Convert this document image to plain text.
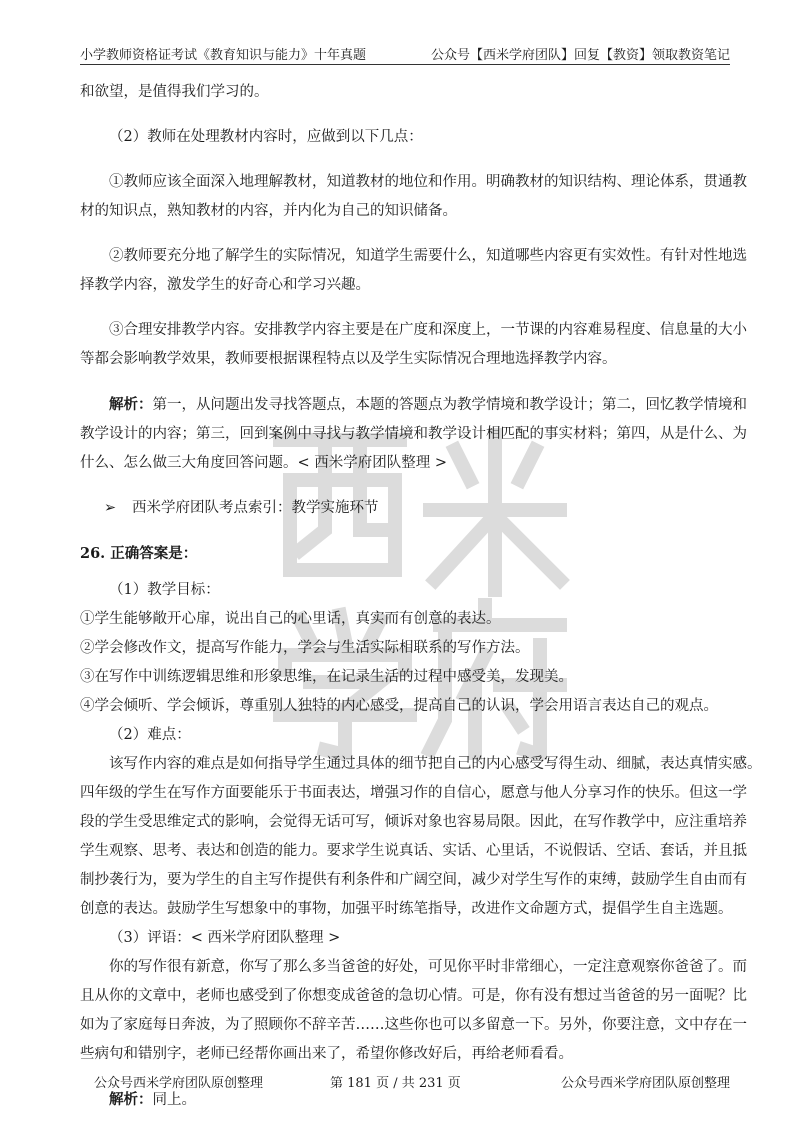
小学教师资格证考试《教育知识与能力》十年真题	公众号【西米学府团队】回复【教资】领取教资笔记

和欲望，是值得我们学习的。

（2）教师在处理教材内容时，应做到以下几点：

①教师应该全面深入地理解教材，知道教材的地位和作用。明确教材的知识结构、理论体系，贯通教

材的知识点，熟知教材的内容，并内化为自己的知识储备。

②教师要充分地了解学生的实际情况，知道学生需要什么，知道哪些内容更有实效性。有针对性地选

择教学内容，激发学生的好奇心和学习兴趣。

③合理安排教学内容。安排教学内容主要是在广度和深度上，一节课的内容难易程度、信息量的大小

等都会影响教学效果，教师要根据课程特点以及学生实际情况合理地选择教学内容。

解析：第一，从问题出发寻找答题点，本题的答题点为教学情境和教学设计；第二，回忆教学情境和

教学设计的内容；第三，回到案例中寻找与教学情境和教学设计相匹配的事实材料；第四，从是什么、为

什么、怎么做三大角度回答问题。< 西米学府团队整理 >

➢ 西米学府团队考点索引：教学实施环节

26. 正确答案是：

（1）教学目标：

①学生能够敞开心扉，说出自己的心里话，真实而有创意的表达。

②学会修改作文，提高写作能力，学会与生活实际相联系的写作方法。

③在写作中训练逻辑思维和形象思维，在记录生活的过程中感受美，发现美。

④学会倾听、学会倾诉，尊重别人独特的内心感受，提高自己的认识，学会用语言表达自己的观点。

（2）难点：

该写作内容的难点是如何指导学生通过具体的细节把自己的内心感受写得生动、细腻，表达真情实感。

四年级的学生在写作方面要能乐于书面表达，增强习作的自信心，愿意与他人分享习作的快乐。但这一学

段的学生受思维定式的影响，会觉得无话可写，倾诉对象也容易局限。因此，在写作教学中，应注重培养

学生观察、思考、表达和创造的能力。要求学生说真话、实话、心里话，不说假话、空话、套话，并且抵

制抄袭行为，要为学生的自主写作提供有利条件和广阔空间，减少对学生写作的束缚，鼓励学生自由而有

创意的表达。鼓励学生写想象中的事物，加强平时练笔指导，改进作文命题方式，提倡学生自主选题。

（3）评语：< 西米学府团队整理 >

你的写作很有新意，你写了那么多当爸爸的好处，可见你平时非常细心，一定注意观察你爸爸了。而

且从你的文章中，老师也感受到了你想变成爸爸的急切心情。可是，你有没有想过当爸爸的另一面呢？比

如为了家庭每日奔波，为了照顾你不辞辛苦……这些你也可以多留意一下。另外，你要注意，文中存在一

些病句和错别字，老师已经帮你画出来了，希望你修改好后，再给老师看看。

解析：同上。

公众号西米学府团队原创整理	第 181 页 / 共 231 页	公众号西米学府团队原创整理
